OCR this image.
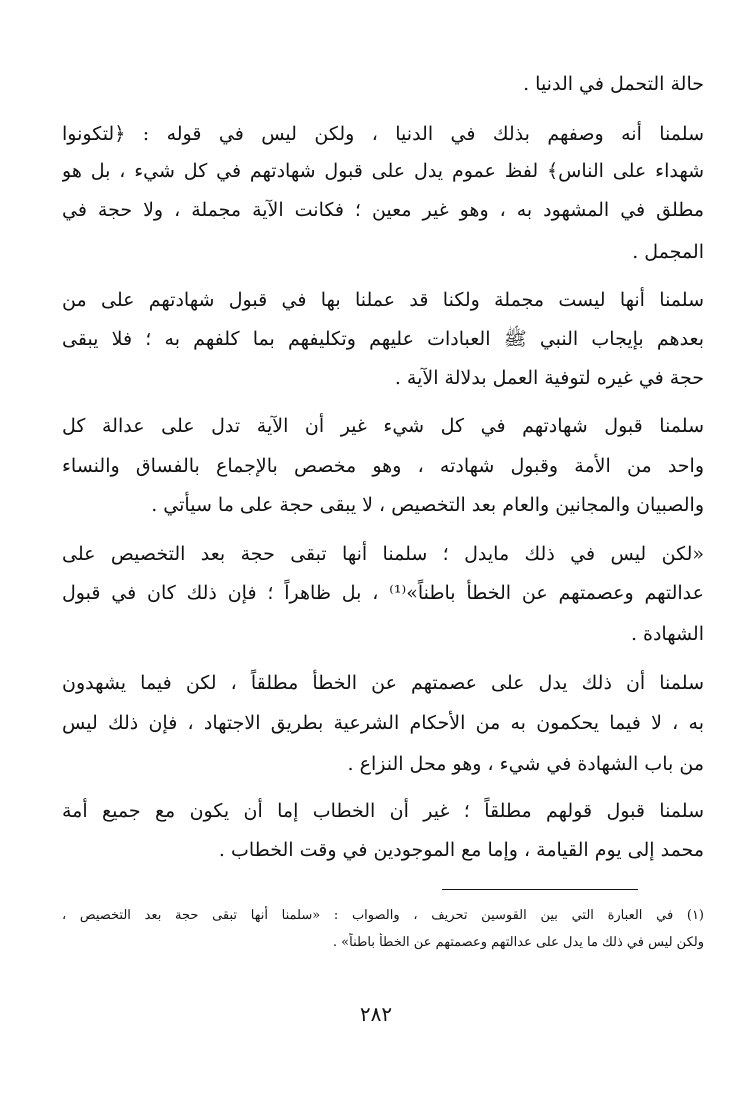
حالة التحمل في الدنيا .
سلمنا أنه وصفهم بذلك في الدنيا ، ولكن ليس في قوله : ﴿لتكونوا
شهداء على الناس﴾ لفظ عموم يدل على قبول شهادتهم في كل شيء ، بل هو
مطلق في المشهود به ، وهو غير معين ؛ فكانت الآية مجملة ، ولا حجة في
المجمل .
سلمنا أنها ليست مجملة ولكنا قد عملنا بها في قبول شهادتهم على من
بعدهم بإيجاب النبي ﷺ العبادات عليهم وتكليفهم بما كلفهم به ؛ فلا يبقى
حجة في غيره لتوفية العمل بدلالة الآية .
سلمنا قبول شهادتهم في كل شيء غير أن الآية تدل على عدالة كل
واحد من الأمة وقبول شهادته ، وهو مخصص بالإجماع بالفساق والنساء
والصبيان والمجانين والعام بعد التخصيص ، لا يبقى حجة على ما سيأتي .
«لكن ليس في ذلك مايدل ؛ سلمنا أنها تبقى حجة بعد التخصيص على
عدالتهم وعصمتهم عن الخطأ باطناً»⁽¹⁾ ، بل ظاهراً ؛ فإن ذلك كان في قبول
الشهادة .
سلمنا أن ذلك يدل على عصمتهم عن الخطأ مطلقاً ، لكن فيما يشهدون
به ، لا فيما يحكمون به من الأحكام الشرعية بطريق الاجتهاد ، فإن ذلك ليس
من باب الشهادة في شيء ، وهو محل النزاع .
سلمنا قبول قولهم مطلقاً ؛ غير أن الخطاب إما أن يكون مع جميع أمة
محمد إلى يوم القيامة ، وإما مع الموجودين في وقت الخطاب .
(١) في العبارة التي بين القوسين تحريف ، والصواب : «سلمنا أنها تبقى حجة بعد التخصيص ،
ولكن ليس في ذلك ما يدل على عدالتهم وعصمتهم عن الخطأ باطناً» .
٢٨٢
